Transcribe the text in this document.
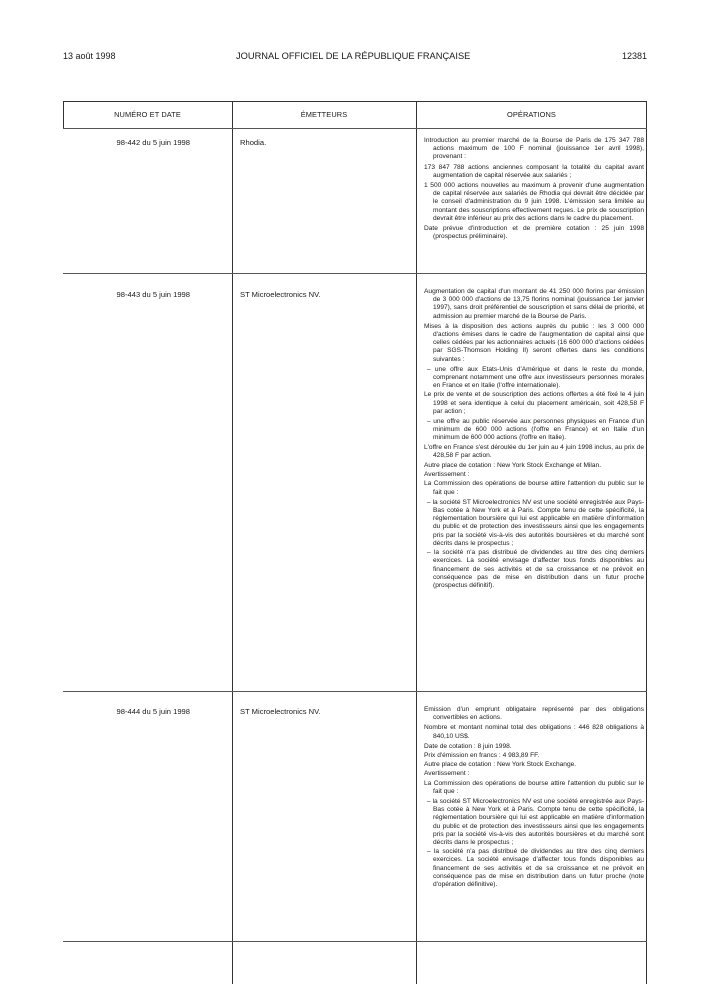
13 août 1998	JOURNAL OFFICIEL DE LA RÉPUBLIQUE FRANÇAISE	12381
NUMÉRO ET DATE	ÉMETTEURS	OPÉRATIONS
98-442 du 5 juin 1998	Rhodia.	Introduction au premier marché de la Bourse de Paris de 175 347 788 actions maximum de 100 F nominal (jouissance 1er avril 1998), provenant :

173 847 788 actions anciennes composant la totalité du capital avant augmentation de capital réservée aux salariés ;

1 500 000 actions nouvelles au maximum à provenir d'une augmentation de capital réservée aux salariés de Rhodia qui devrait être décidée par le conseil d'administration du 9 juin 1998. L'émission sera limitée au montant des souscriptions effectivement reçues. Le prix de souscription devrait être inférieur au prix des actions dans le cadre du placement.

Date prévue d'introduction et de première cotation : 25 juin 1998 (prospectus préliminaire).

98-443 du 5 juin 1998	ST Microelectronics NV.	Augmentation de capital d'un montant de 41 250 000 florins par émission de 3 000 000 d'actions de 13,75 florins nominal (jouissance 1er janvier 1997), sans droit préférentiel de souscription et sans délai de priorité, et admission au premier marché de la Bourse de Paris.

Mises à la disposition des actions auprès du public : les 3 000 000 d'actions émises dans le cadre de l'augmentation de capital ainsi que celles cédées par les actionnaires actuels (16 600 000 d'actions cédées par SGS-Thomson Holding II) seront offertes dans les conditions suivantes :

– une offre aux Etats-Unis d'Amérique et dans le reste du monde, comprenant notamment une offre aux investisseurs personnes morales en France et en Italie (l'offre internationale).

Le prix de vente et de souscription des actions offertes a été fixé le 4 juin 1998 et sera identique à celui du placement américain, soit 428,58 F par action ;

– une offre au public réservée aux personnes physiques en France d'un minimum de 600 000 actions (l'offre en France) et en Italie d'un minimum de 600 000 actions (l'offre en Italie).

L'offre en France s'est déroulée du 1er juin au 4 juin 1998 inclus, au prix de 428,58 F par action.

Autre place de cotation : New York Stock Exchange et Milan.

Avertissement :

La Commission des opérations de bourse attire l'attention du public sur le fait que :

– la société ST Microelectronics NV est une société enregistrée aux Pays-Bas cotée à New York et à Paris. Compte tenu de cette spécificité, la réglementation boursière qui lui est applicable en matière d'information du public et de protection des investisseurs ainsi que les engagements pris par la société vis-à-vis des autorités boursières et du marché sont décrits dans le prospectus ;

– la société n'a pas distribué de dividendes au titre des cinq derniers exercices. La société envisage d'affecter tous fonds disponibles au financement de ses activités et de sa croissance et ne prévoit en conséquence pas de mise en distribution dans un futur proche (prospectus définitif).

98-444 du 5 juin 1998	ST Microelectronics NV.	Emission d'un emprunt obligataire représenté par des obligations convertibles en actions.

Nombre et montant nominal total des obligations : 446 828 obligations à 840,10 US$.

Date de cotation : 8 juin 1998.

Prix d'émission en francs : 4 983,89 FF.

Autre place de cotation : New York Stock Exchange.

Avertissement :

La Commission des opérations de bourse attire l'attention du public sur le fait que :

– la société ST Microelectronics NV est une société enregistrée aux Pays-Bas cotée à New York et à Paris. Compte tenu de cette spécificité, la réglementation boursière qui lui est applicable en matière d'information du public et de protection des investisseurs ainsi que les engagements pris par la société vis-à-vis des autorités boursières et du marché sont décrits dans le prospectus ;

– la société n'a pas distribué de dividendes au titre des cinq derniers exercices. La société envisage d'affecter tous fonds disponibles au financement de ses activités et de sa croissance et ne prévoit en conséquence pas de mise en distribution dans un futur proche (note d'opération définitive).
